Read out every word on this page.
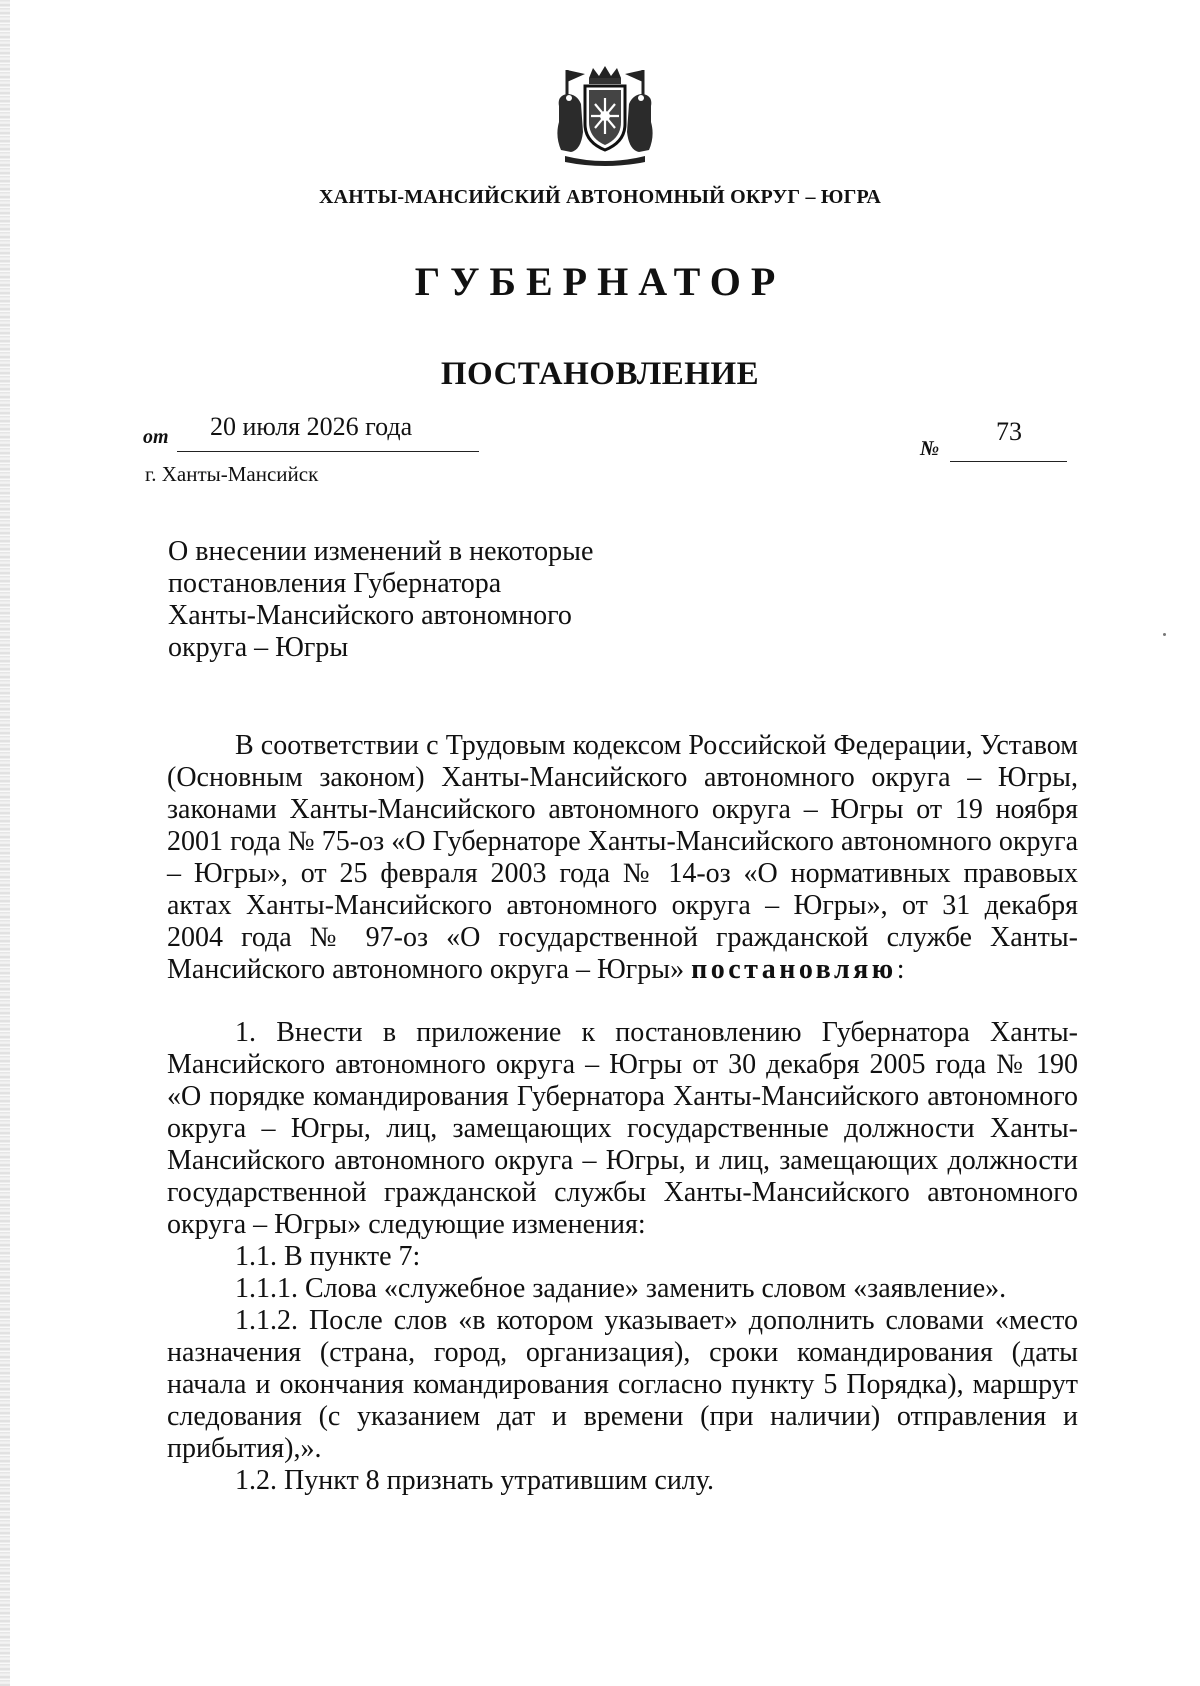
ХАНТЫ-МАНСИЙСКИЙ АВТОНОМНЫЙ ОКРУГ – ЮГРА
ГУБЕРНАТОР
ПОСТАНОВЛЕНИЕ
от 20 июля 2026 года
№
73
г. Ханты-Мансийск
О внесении изменений в некоторые
постановления Губернатора
Ханты-Мансийского автономного
округа – Югры

В соответствии с Трудовым кодексом Российской Федерации, Уставом (Основным законом) Ханты-Мансийского автономного округа – Югры, законами Ханты-Мансийского автономного округа – Югры от 19 ноября 2001 года № 75-оз «О Губернаторе Ханты-Мансийского автономного округа – Югры», от 25 февраля 2003 года № 14-оз «О нормативных правовых актах Ханты-Мансийского автономного округа – Югры», от 31 декабря 2004 года № 97-оз «О государственной гражданской службе Ханты-Мансийского автономного округа – Югры» постановляю:

1. Внести в приложение к постановлению Губернатора Ханты-Мансийского автономного округа – Югры от 30 декабря 2005 года № 190 «О порядке командирования Губернатора Ханты-Мансийского автономного округа – Югры, лиц, замещающих государственные должности Ханты-Мансийского автономного округа – Югры, и лиц, замещающих должности государственной гражданской службы Ханты-Мансийского автономного округа – Югры» следующие изменения:

1.1. В пункте 7:

1.1.1. Слова «служебное задание» заменить словом «заявление».

1.1.2. После слов «в котором указывает» дополнить словами «место назначения (страна, город, организация), сроки командирования (даты начала и окончания командирования согласно пункту 5 Порядка), маршрут следования (с указанием дат и времени (при наличии) отправления и прибытия),».

1.2. Пункт 8 признать утратившим силу.
